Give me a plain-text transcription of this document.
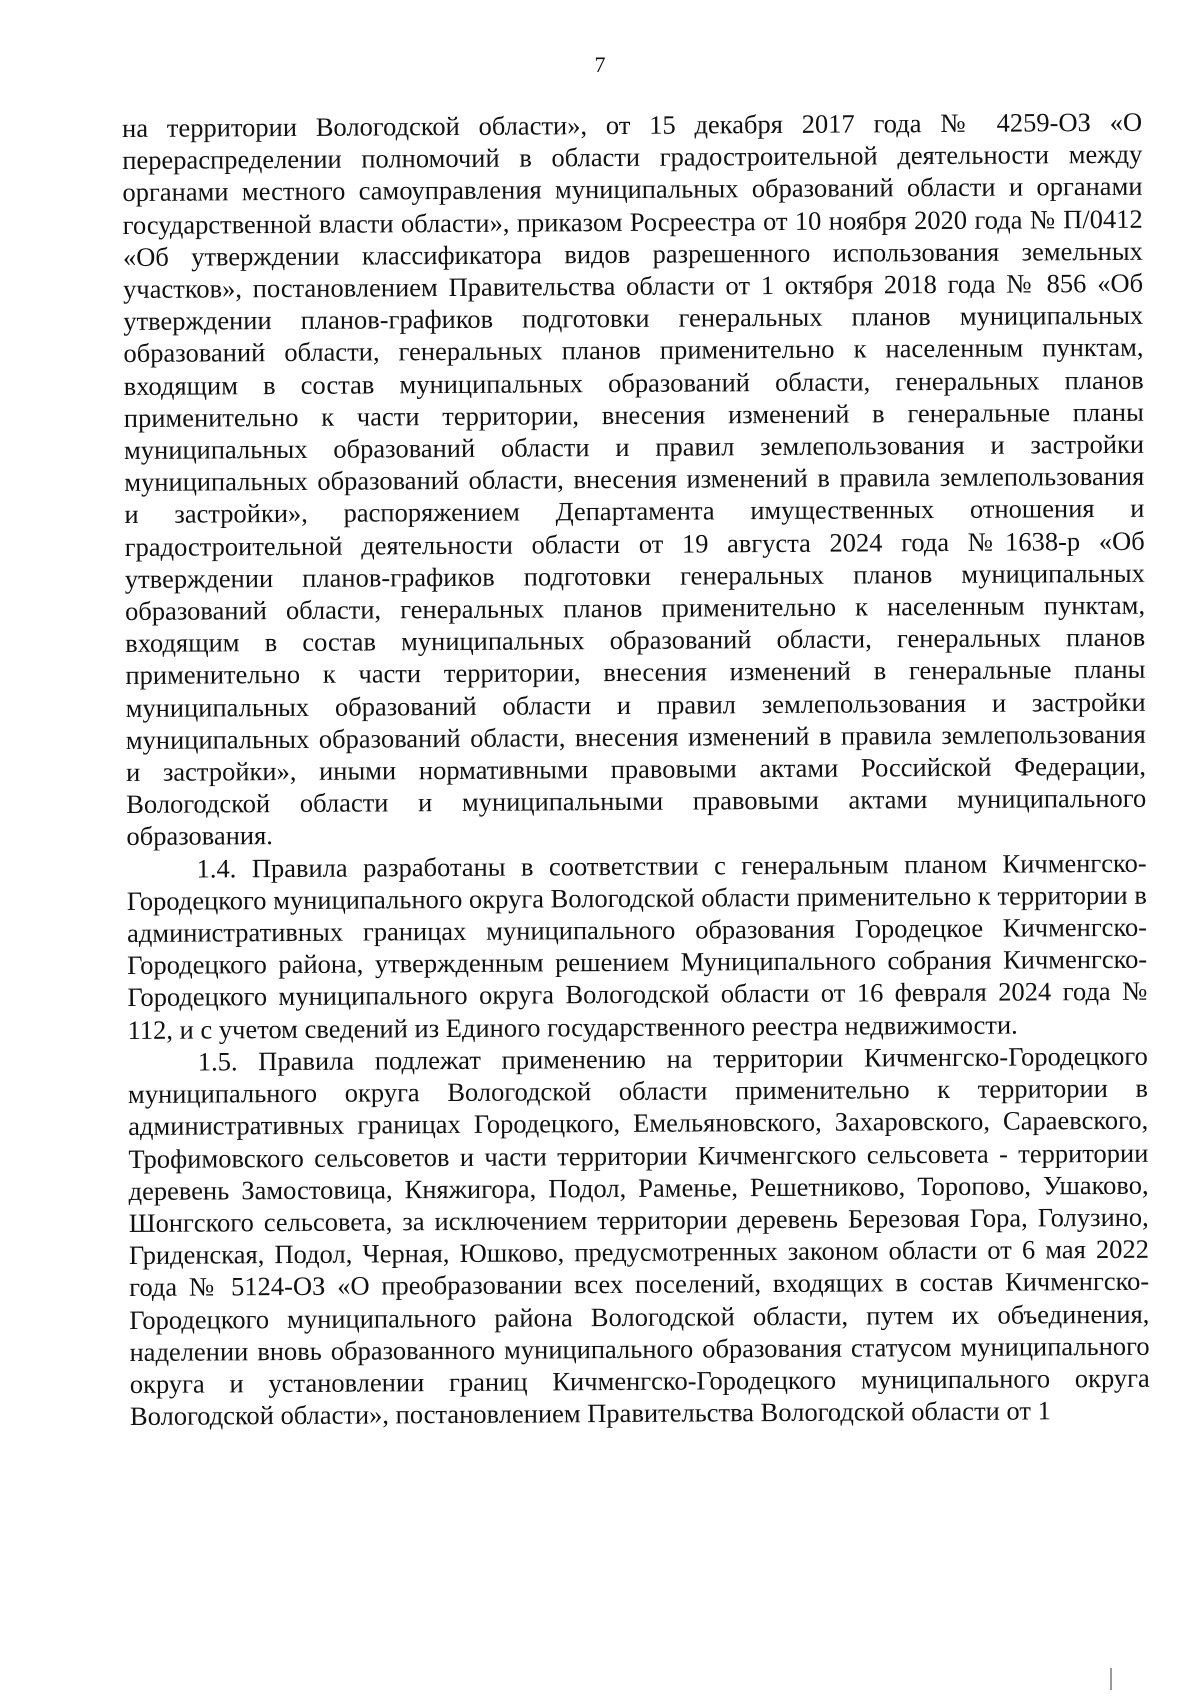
7

на территории Вологодской области», от 15 декабря 2017 года № 4259-ОЗ «О перераспределении полномочий в области градостроительной деятельности между органами местного самоуправления муниципальных образований области и органами государственной власти области», приказом Росреестра от 10 ноября 2020 года № П/0412 «Об утверждении классификатора видов разрешенного использования земельных участков», постановлением Правительства области от 1 октября 2018 года № 856 «Об утверждении планов-графиков подготовки генеральных планов муниципальных образований области, генеральных планов применительно к населенным пунктам, входящим в состав муниципальных образований области, генеральных планов применительно к части территории, внесения изменений в генеральные планы муниципальных образований области и правил землепользования и застройки муниципальных образований области, внесения изменений в правила землепользования и застройки», распоряжением Департамента имущественных отношения и градостроительной деятельности области от 19 августа 2024 года №1638-р «Об утверждении планов-графиков подготовки генеральных планов муниципальных образований области, генеральных планов применительно к населенным пунктам, входящим в состав муниципальных образований области, генеральных планов применительно к части территории, внесения изменений в генеральные планы муниципальных образований области и правил землепользования и застройки муниципальных образований области, внесения изменений в правила землепользования и застройки», иными нормативными правовыми актами Российской Федерации, Вологодской области и муниципальными правовыми актами муниципального образования.

1.4. Правила разработаны в соответствии с генеральным планом Кичменгско-Городецкого муниципального округа Вологодской области применительно к территории в административных границах муниципального образования Городецкое Кичменгско-Городецкого района, утвержденным решением Муниципального собрания Кичменгско-Городецкого муниципального округа Вологодской области от 16 февраля 2024 года № 112, и с учетом сведений из Единого государственного реестра недвижимости.

1.5. Правила подлежат применению на территории Кичменгско-Городецкого муниципального округа Вологодской области применительно к территории в административных границах Городецкого, Емельяновского, Захаровского, Сараевского, Трофимовского сельсоветов и части территории Кичменгского сельсовета - территории деревень Замостовица, Княжигора, Подол, Раменье, Решетниково, Торопово, Ушаково, Шонгского сельсовета, за исключением территории деревень Березовая Гора, Голузино, Гриденская, Подол, Черная, Юшково, предусмотренных законом области от 6 мая 2022 года № 5124-ОЗ «О преобразовании всех поселений, входящих в состав Кичменгско-Городецкого муниципального района Вологодской области, путем их объединения, наделении вновь образованного муниципального образования статусом муниципального округа и установлении границ Кичменгско-Городецкого муниципального округа Вологодской области», постановлением Правительства Вологодской области от 1
